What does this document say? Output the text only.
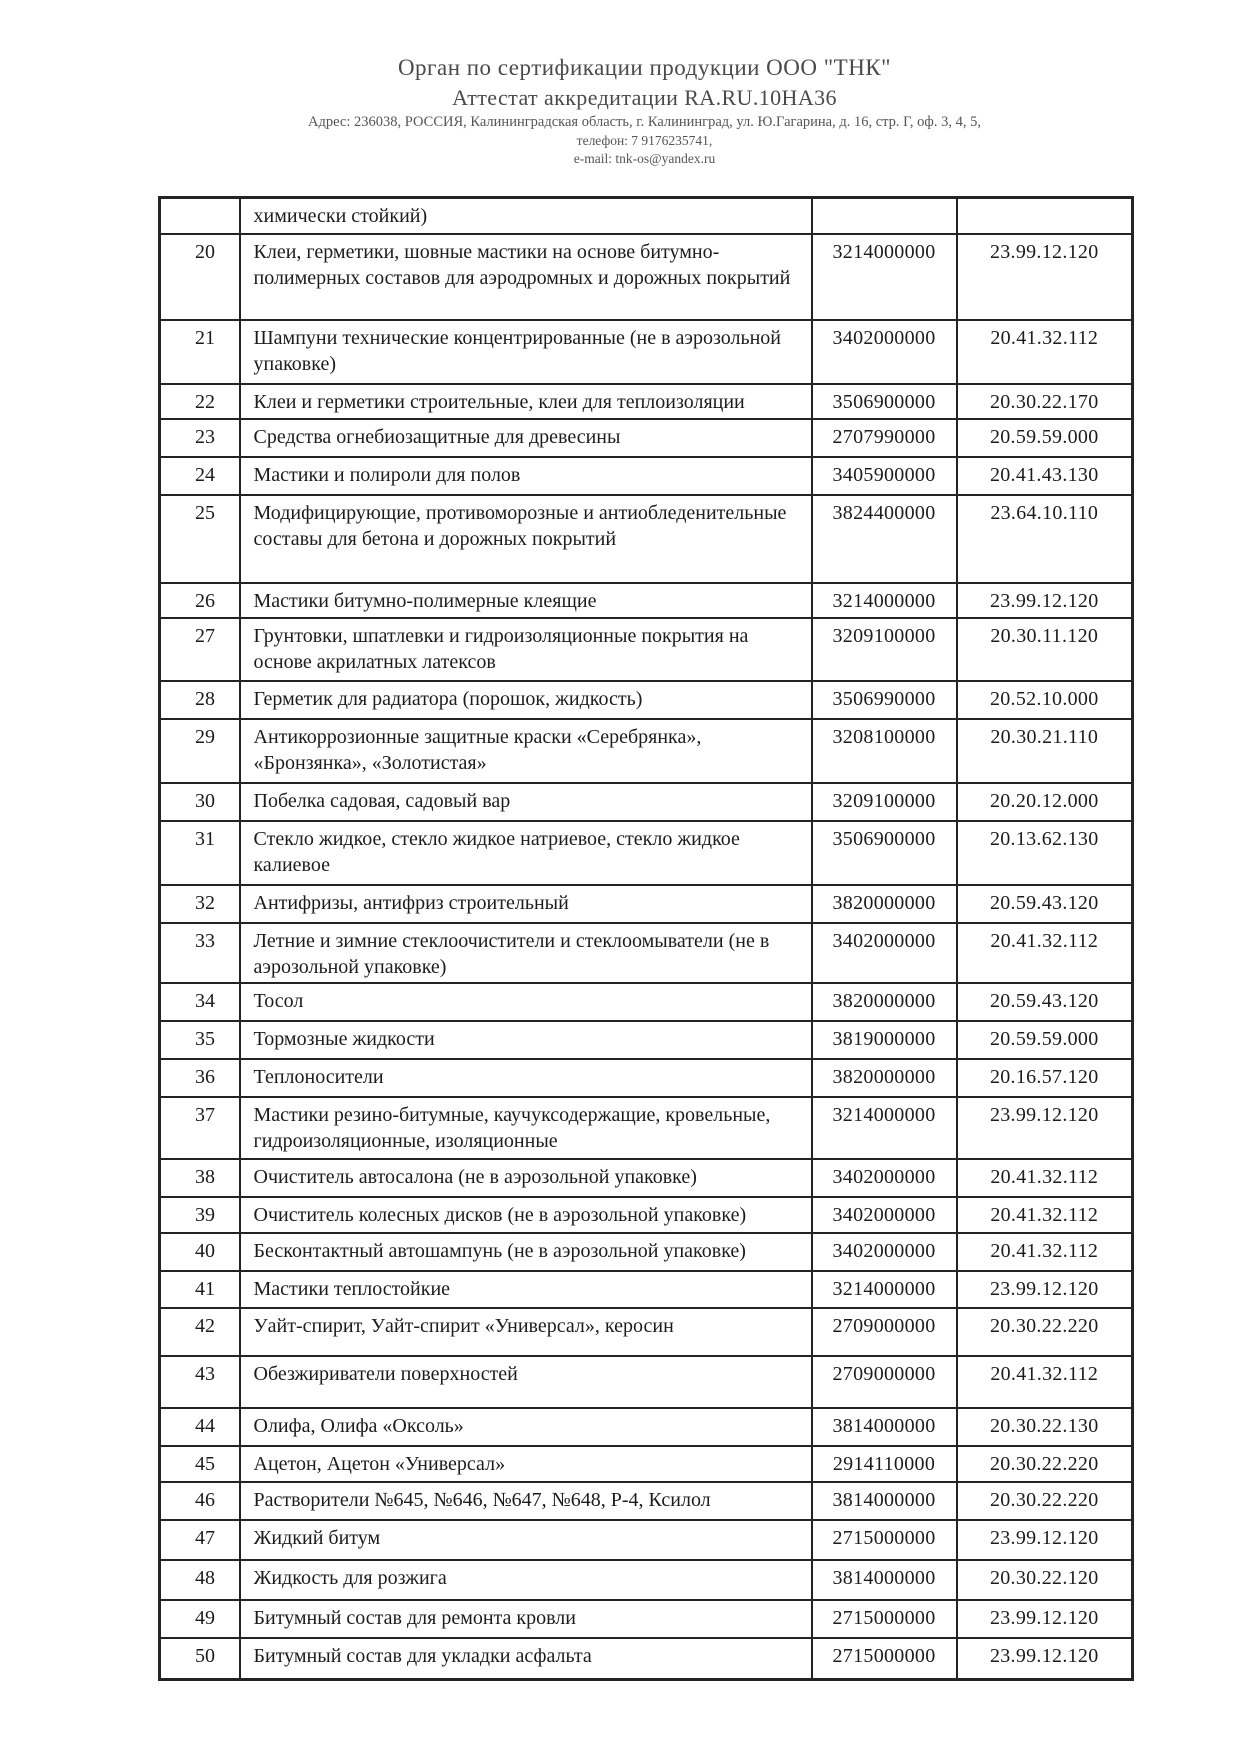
Орган по сертификации продукции ООО "ТНК"
Аттестат аккредитации RA.RU.10HA36
Адрес: 236038, РОССИЯ, Калининградская область, г. Калининград, ул. Ю.Гагарина, д. 16, стр. Г, оф. 3, 4, 5,
телефон: 7 9176235741,
e-mail: tnk-os@yandex.ru
	химически стойкий)		
20	Клеи, герметики, шовные мастики на основе битумно-полимерных составов для аэродромных и дорожных покрытий	3214000000	23.99.12.120
21	Шампуни технические концентрированные (не в аэрозольной упаковке)	3402000000	20.41.32.112
22	Клеи и герметики строительные, клеи для теплоизоляции	3506900000	20.30.22.170
23	Средства огнебиозащитные для древесины	2707990000	20.59.59.000
24	Мастики и полироли для полов	3405900000	20.41.43.130
25	Модифицирующие, противоморозные и антиобледенительные составы для бетона и дорожных покрытий	3824400000	23.64.10.110
26	Мастики битумно-полимерные клеящие	3214000000	23.99.12.120
27	Грунтовки, шпатлевки и гидроизоляционные покрытия на основе акрилатных латексов	3209100000	20.30.11.120
28	Герметик для радиатора (порошок, жидкость)	3506990000	20.52.10.000
29	Антикоррозионные защитные краски «Серебрянка», «Бронзянка», «Золотистая»	3208100000	20.30.21.110
30	Побелка садовая, садовый вар	3209100000	20.20.12.000
31	Стекло жидкое, стекло жидкое натриевое, стекло жидкое калиевое	3506900000	20.13.62.130
32	Антифризы, антифриз строительный	3820000000	20.59.43.120
33	Летние и зимние стеклоочистители и стеклоомыватели (не в аэрозольной упаковке)	3402000000	20.41.32.112
34	Тосол	3820000000	20.59.43.120
35	Тормозные жидкости	3819000000	20.59.59.000
36	Теплоносители	3820000000	20.16.57.120
37	Мастики резино-битумные, каучуксодержащие, кровельные, гидроизоляционные, изоляционные	3214000000	23.99.12.120
38	Очиститель автосалона (не в аэрозольной упаковке)	3402000000	20.41.32.112
39	Очиститель колесных дисков (не в аэрозольной упаковке)	3402000000	20.41.32.112
40	Бесконтактный автошампунь (не в аэрозольной упаковке)	3402000000	20.41.32.112
41	Мастики теплостойкие	3214000000	23.99.12.120
42	Уайт-спирит, Уайт-спирит «Универсал», керосин	2709000000	20.30.22.220
43	Обезжириватели поверхностей	2709000000	20.41.32.112
44	Олифа, Олифа «Оксоль»	3814000000	20.30.22.130
45	Ацетон, Ацетон «Универсал»	2914110000	20.30.22.220
46	Растворители №645, №646, №647, №648, Р-4, Ксилол	3814000000	20.30.22.220
47	Жидкий битум	2715000000	23.99.12.120
48	Жидкость для розжига	3814000000	20.30.22.120
49	Битумный состав для ремонта кровли	2715000000	23.99.12.120
50	Битумный состав для укладки асфальта	2715000000	23.99.12.120
